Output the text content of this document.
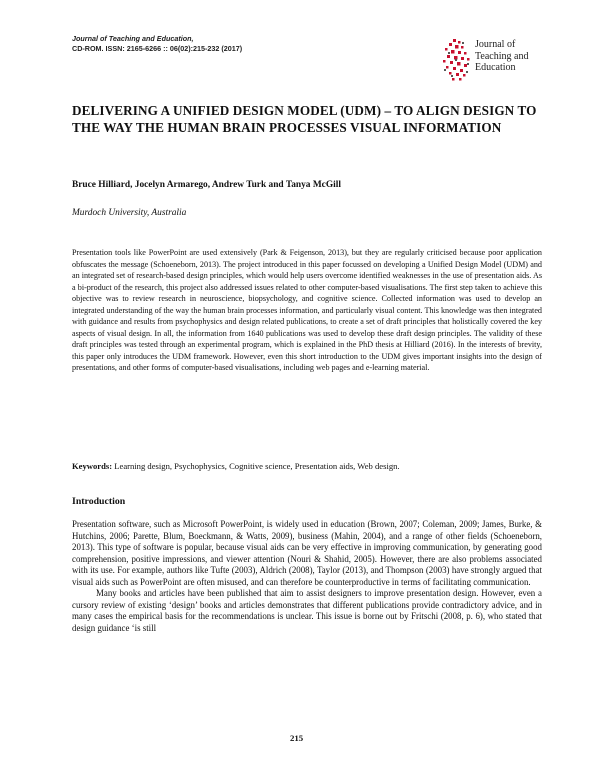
Journal of Teaching and Education,
CD-ROM. ISSN: 2165-6266 :: 06(02):215-232 (2017)	Journal of
Teaching and
Education
DELIVERING A UNIFIED DESIGN MODEL (UDM) – TO ALIGN DESIGN TO THE WAY THE HUMAN BRAIN PROCESSES VISUAL INFORMATION
Bruce Hilliard, Jocelyn Armarego, Andrew Turk and Tanya McGill
Murdoch University, Australia
Presentation tools like PowerPoint are used extensively (Park & Feigenson, 2013), but they are regularly criticised because poor application obfuscates the message (Schoeneborn, 2013). The project introduced in this paper focussed on developing a Unified Design Model (UDM) and an integrated set of research-based design principles, which would help users overcome identified weaknesses in the use of presentation aids. As a bi-product of the research, this project also addressed issues related to other computer-based visualisations. The first step taken to achieve this objective was to review research in neuroscience, biopsychology, and cognitive science. Collected information was used to develop an integrated understanding of the way the human brain processes information, and particularly visual content. This knowledge was then integrated with guidance and results from psychophysics and design related publications, to create a set of draft principles that holistically covered the key aspects of visual design. In all, the information from 1640 publications was used to develop these draft design principles. The validity of these draft principles was tested through an experimental program, which is explained in the PhD thesis at Hilliard (2016). In the interests of brevity, this paper only introduces the UDM framework. However, even this short introduction to the UDM gives important insights into the design of presentations, and other forms of computer-based visualisations, including web pages and e-learning material.
Keywords: Learning design, Psychophysics, Cognitive science, Presentation aids, Web design.
Introduction

Presentation software, such as Microsoft PowerPoint, is widely used in education (Brown, 2007; Coleman, 2009; James, Burke, & Hutchins, 2006; Parette, Blum, Boeckmann, & Watts, 2009), business (Mahin, 2004), and a range of other fields (Schoeneborn, 2013). This type of software is popular, because visual aids can be very effective in improving communication, by generating good comprehension, positive impressions, and viewer attention (Nouri & Shahid, 2005). However, there are also problems associated with its use. For example, authors like Tufte (2003), Aldrich (2008), Taylor (2013), and Thompson (2003) have strongly argued that visual aids such as PowerPoint are often misused, and can therefore be counterproductive in terms of facilitating communication.

Many books and articles have been published that aim to assist designers to improve presentation design. However, even a cursory review of existing ‘design’ books and articles demonstrates that different publications provide contradictory advice, and in many cases the empirical basis for the recommendations is unclear. This issue is borne out by Fritschi (2008, p. 6), who stated that design guidance ‘is still

215
